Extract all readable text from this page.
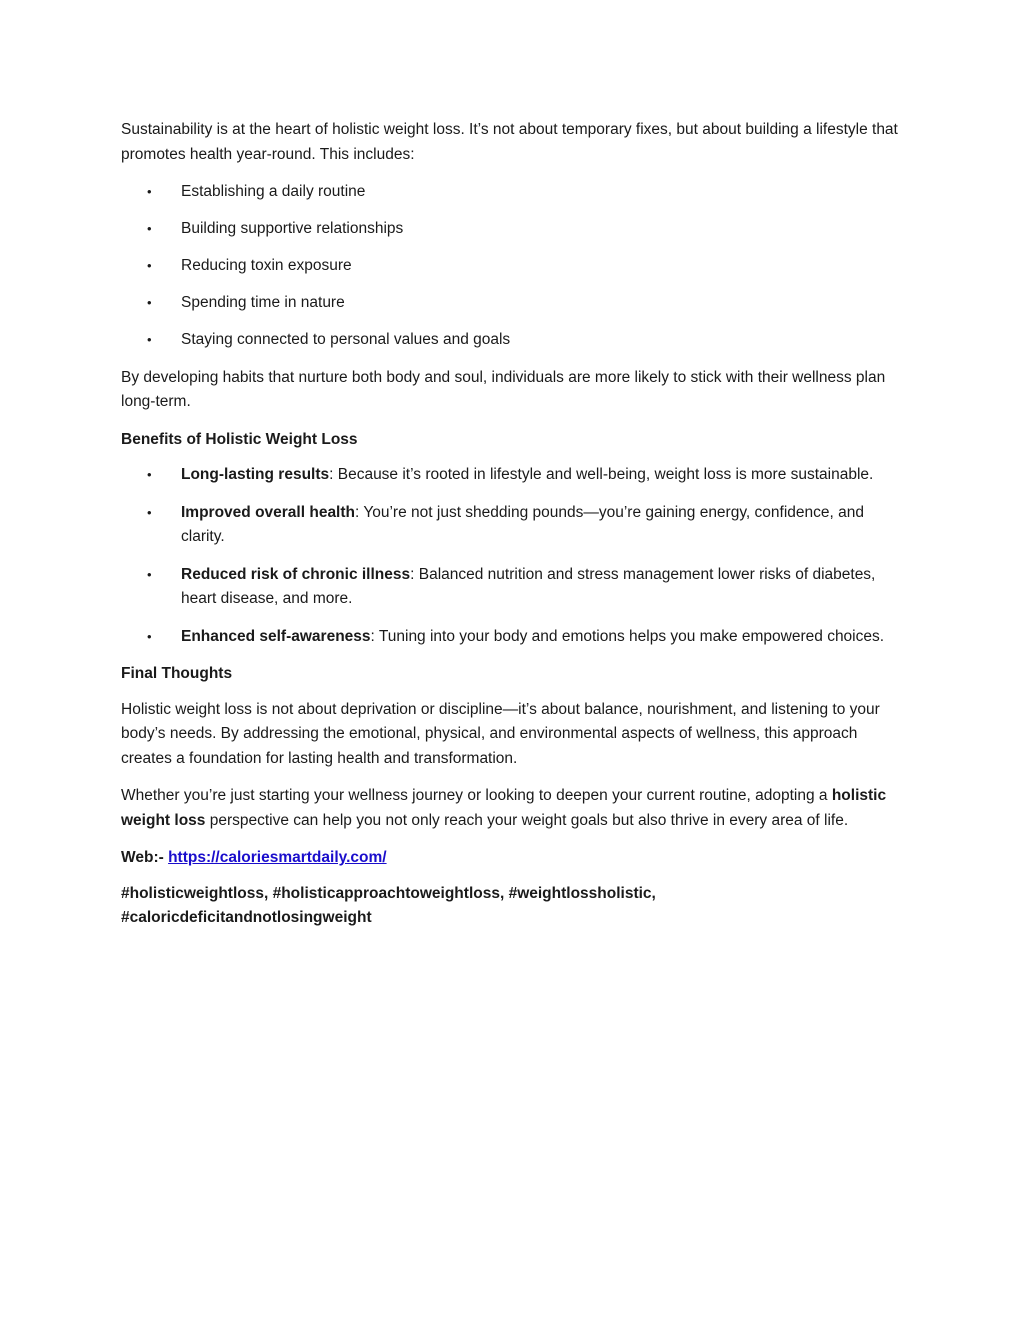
Sustainability is at the heart of holistic weight loss. It’s not about temporary fixes, but about building a lifestyle that promotes health year-round. This includes:

• Establishing a daily routine
• Building supportive relationships
• Reducing toxin exposure
• Spending time in nature
• Staying connected to personal values and goals

By developing habits that nurture both body and soul, individuals are more likely to stick with their wellness plan long-term.

Benefits of Holistic Weight Loss

• Long-lasting results: Because it’s rooted in lifestyle and well-being, weight loss is more sustainable.
• Improved overall health: You’re not just shedding pounds—you’re gaining energy, confidence, and clarity.
• Reduced risk of chronic illness: Balanced nutrition and stress management lower risks of diabetes, heart disease, and more.
• Enhanced self-awareness: Tuning into your body and emotions helps you make empowered choices.

Final Thoughts

Holistic weight loss is not about deprivation or discipline—it’s about balance, nourishment, and listening to your body’s needs. By addressing the emotional, physical, and environmental aspects of wellness, this approach creates a foundation for lasting health and transformation.

Whether you’re just starting your wellness journey or looking to deepen your current routine, adopting a holistic weight loss perspective can help you not only reach your weight goals but also thrive in every area of life.

Web:- https://caloriesmartdaily.com/

#holisticweightloss, #holisticapproachtoweightloss, #weightlossholistic, #caloricdeficitandnotlosingweight
